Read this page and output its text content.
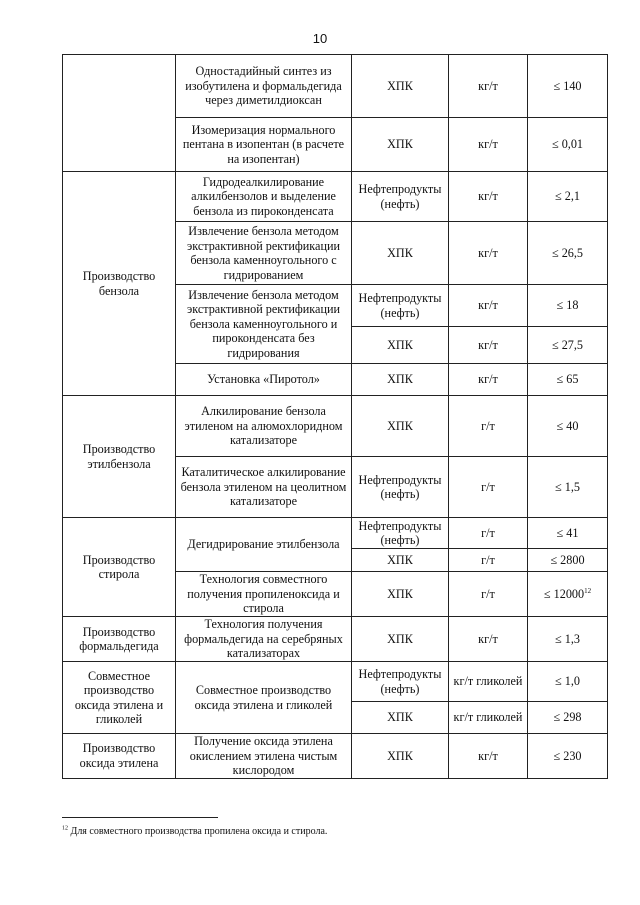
10
	Одностадийный синтез из изобутилена и формальдегида через диметилдиоксан	ХПК	кг/т	≤ 140
	Изомеризация нормального пентана в изопентан (в расчете на изопентан)	ХПК	кг/т	≤ 0,01
Производство бензола	Гидродеалкилирование алкилбензолов и выделение бензола из пироконденсата	Нефтепродукты (нефть)	кг/т	≤ 2,1
	Извлечение бензола методом экстрактивной ректификации бензола каменноугольного с гидрированием	ХПК	кг/т	≤ 26,5
	Извлечение бензола методом экстрактивной ректификации бензола каменноугольного и пироконденсата без гидрирования	Нефтепродукты (нефть)	кг/т	≤ 18
		ХПК	кг/т	≤ 27,5
	Установка «Пиротол»	ХПК	кг/т	≤ 65
Производство этилбензола	Алкилирование бензола этиленом на алюмохлоридном катализаторе	ХПК	г/т	≤ 40
	Каталитическое алкилирование бензола этиленом на цеолитном катализаторе	Нефтепродукты (нефть)	г/т	≤ 1,5
Производство стирола	Дегидрирование этилбензола	Нефтепродукты (нефть)	г/т	≤ 41
		ХПК	г/т	≤ 2800
	Технология совместного получения пропиленоксида и стирола	ХПК	г/т	≤ $12000^{12}$
Производство формальдегида	Технология получения формальдегида на серебряных катализаторах	ХПК	кг/т	≤ 1,3
Совместное производство оксида этилена и гликолей	Совместное производство оксида этилена и гликолей	Нефтепродукты (нефть)	кг/т гликолей	≤ 1,0
		ХПК	кг/т гликолей	≤ 298
Производство оксида этилена	Получение оксида этилена окислением этилена чистым кислородом	ХПК	кг/т	≤ 230
$^{12}$ Для совместного производства пропилена оксида и стирола.
